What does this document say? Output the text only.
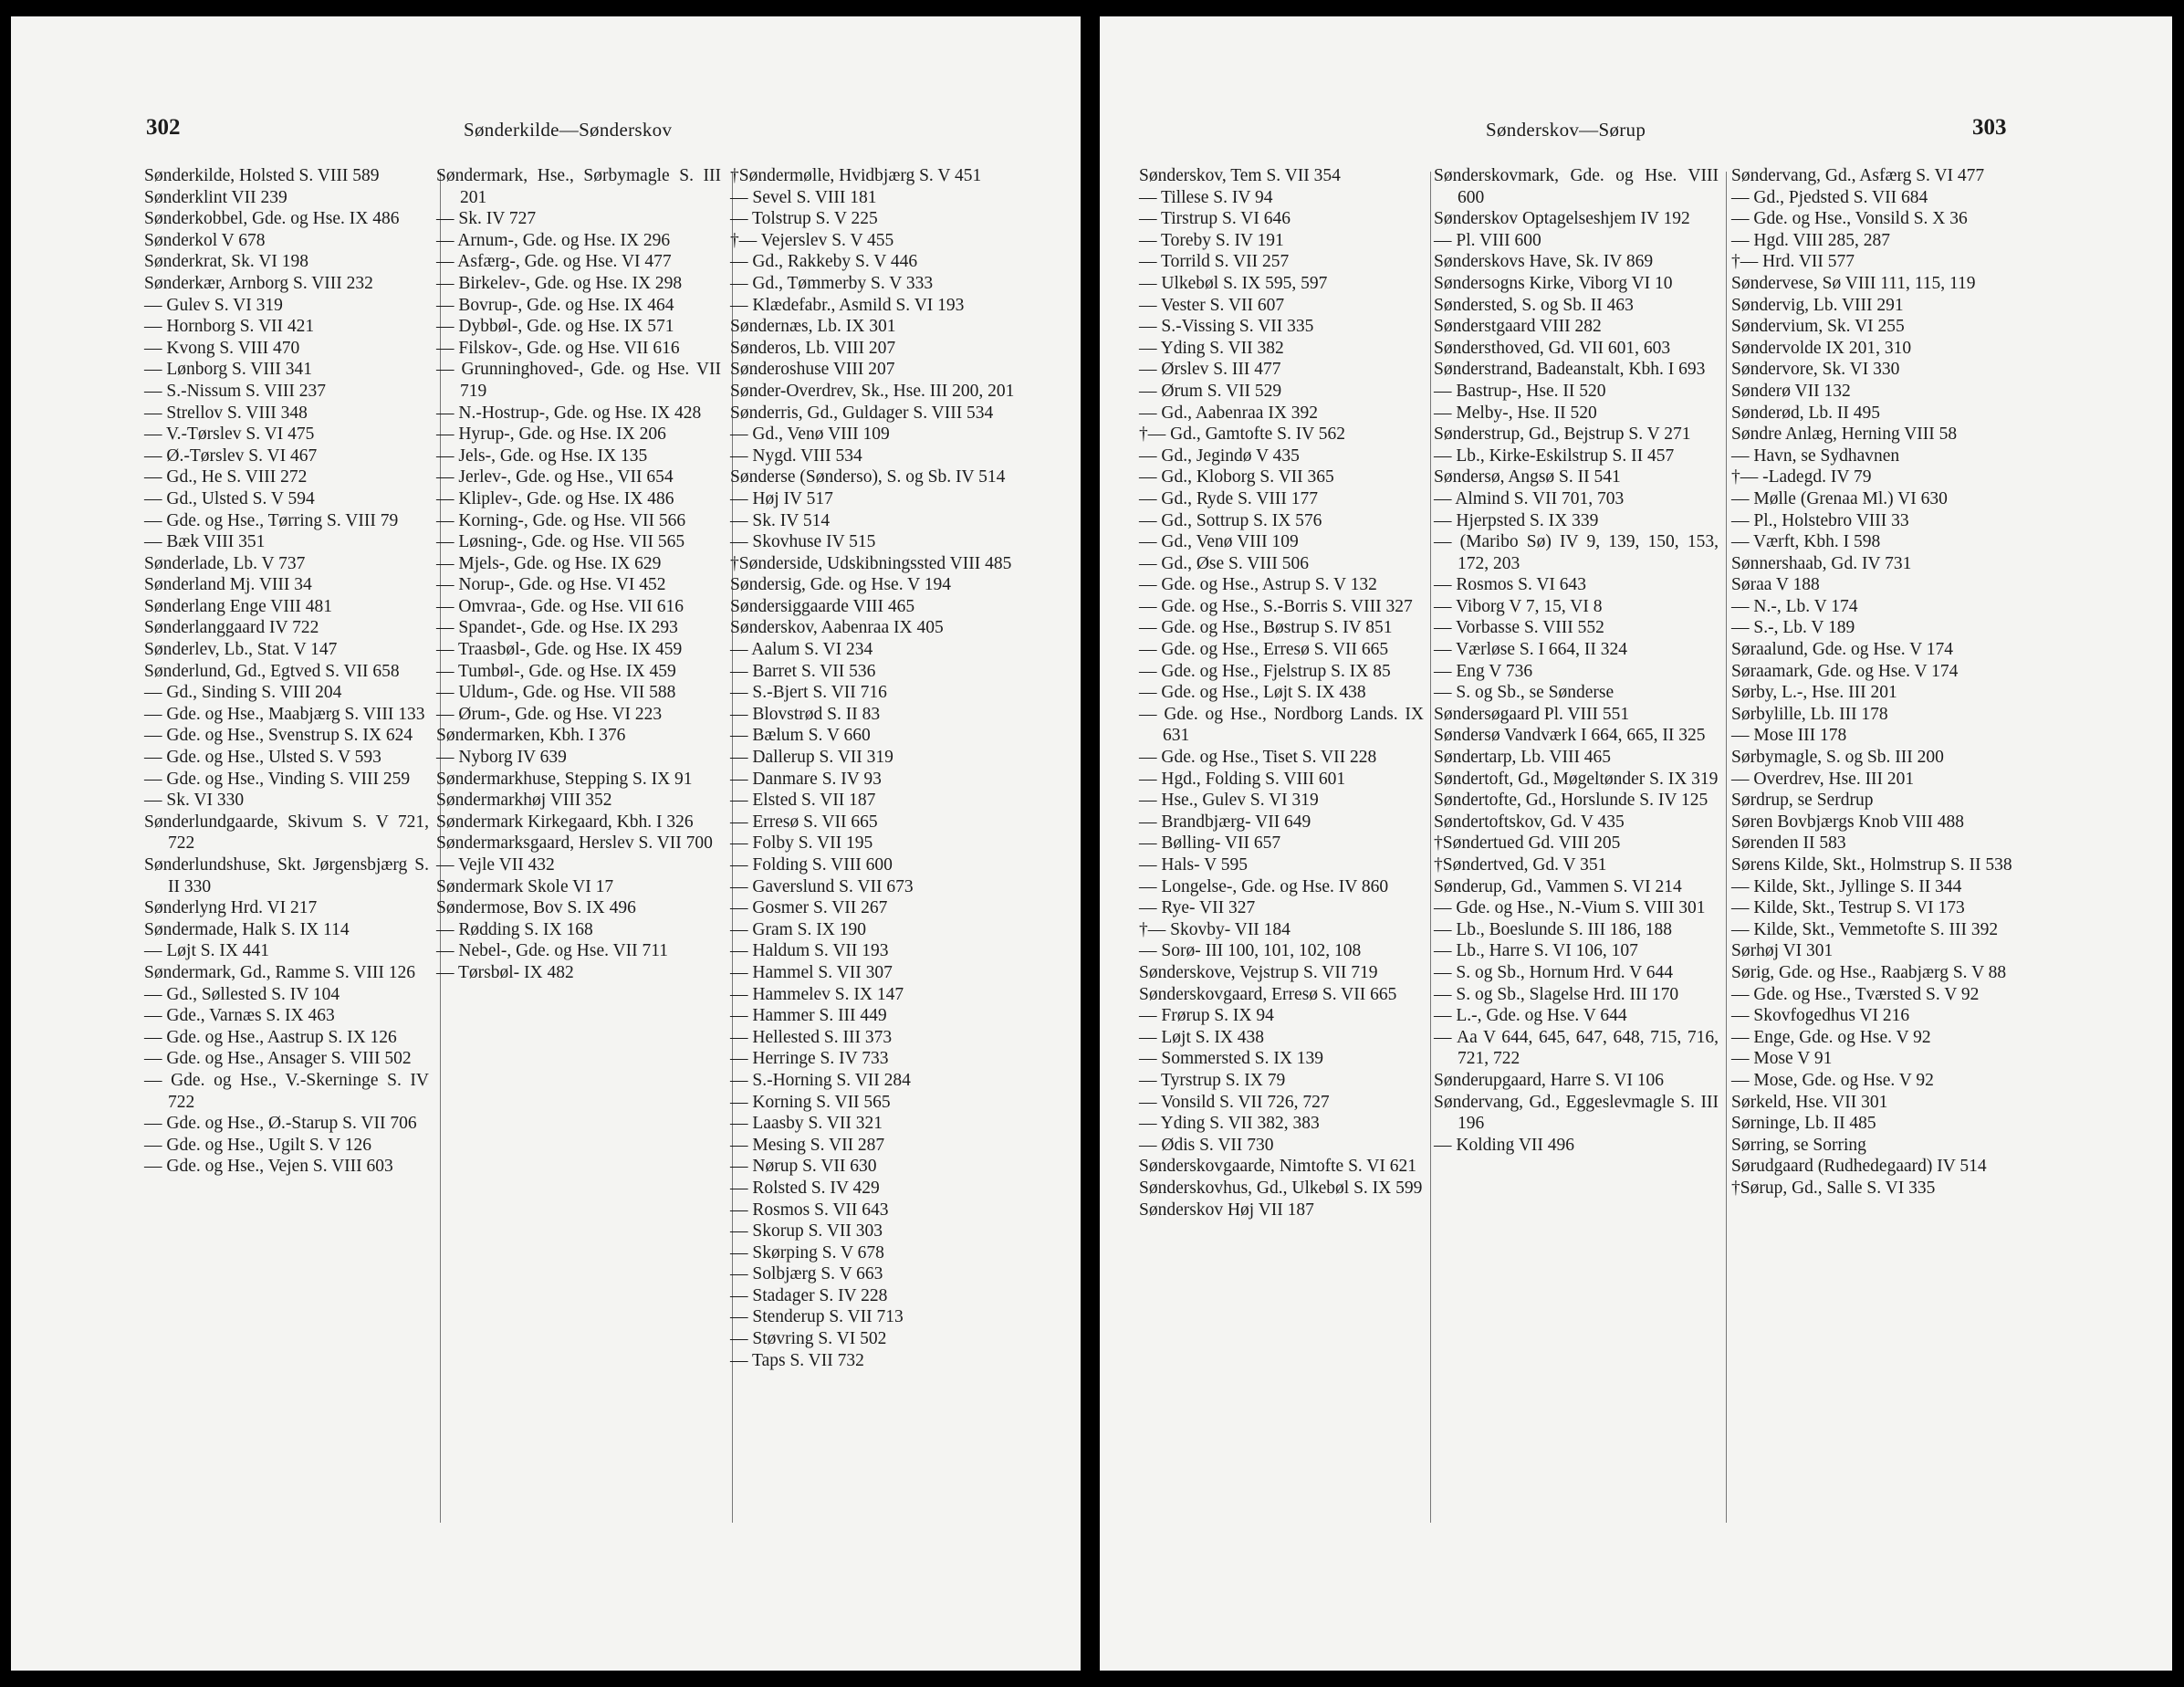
302	Sønderkilde—Sønderskov
Sønderkilde, Holsted S. VIII 589
Sønderklint VII 239
Sønderkobbel, Gde. og Hse. IX 486
Sønderkol V 678
Sønderkrat, Sk. VI 198
Sønderkær, Arnborg S. VIII 232
— Gulev S. VI 319
— Hornborg S. VII 421
— Kvong S. VIII 470
— Lønborg S. VIII 341
— S.-Nissum S. VIII 237
— Strellov S. VIII 348
— V.-Tørslev S. VI 475
— Ø.-Tørslev S. VI 467
— Gd., He S. VIII 272
— Gd., Ulsted S. V 594
— Gde. og Hse., Tørring S. VIII 79
— Bæk VIII 351
Sønderlade, Lb. V 737
Sønderland Mj. VIII 34
Sønderlang Enge VIII 481
Sønderlanggaard IV 722
Sønderlev, Lb., Stat. V 147
Sønderlund, Gd., Egtved S. VII 658
— Gd., Sinding S. VIII 204
— Gde. og Hse., Maabjærg S. VIII 133
— Gde. og Hse., Svenstrup S. IX 624
— Gde. og Hse., Ulsted S. V 593
— Gde. og Hse., Vinding S. VIII 259
— Sk. VI 330
Sønderlundgaarde, Skivum S. V 721, 722
Sønderlundshuse, Skt. Jørgensbjærg S. II 330
Sønderlyng Hrd. VI 217
Søndermade, Halk S. IX 114
— Løjt S. IX 441
Søndermark, Gd., Ramme S. VIII 126
— Gd., Søllested S. IV 104
— Gde., Varnæs S. IX 463
— Gde. og Hse., Aastrup S. IX 126
— Gde. og Hse., Ansager S. VIII 502
— Gde. og Hse., V.-Skerninge S. IV 722
— Gde. og Hse., Ø.-Starup S. VII 706
— Gde. og Hse., Ugilt S. V 126
— Gde. og Hse., Vejen S. VIII 603
Søndermark, Hse., Sørbymagle S. III 201
— Sk. IV 727
— Arnum-, Gde. og Hse. IX 296
— Asfærg-, Gde. og Hse. VI 477
— Birkelev-, Gde. og Hse. IX 298
— Bovrup-, Gde. og Hse. IX 464
— Dybbøl-, Gde. og Hse. IX 571
— Filskov-, Gde. og Hse. VII 616
— Grunninghoved-, Gde. og Hse. VII 719
— N.-Hostrup-, Gde. og Hse. IX 428
— Hyrup-, Gde. og Hse. IX 206
— Jels-, Gde. og Hse. IX 135
— Jerlev-, Gde. og Hse., VII 654
— Kliplev-, Gde. og Hse. IX 486
— Korning-, Gde. og Hse. VII 566
— Løsning-, Gde. og Hse. VII 565
— Mjels-, Gde. og Hse. IX 629
— Norup-, Gde. og Hse. VI 452
— Omvraa-, Gde. og Hse. VII 616
— Spandet-, Gde. og Hse. IX 293
— Traasbøl-, Gde. og Hse. IX 459
— Tumbøl-, Gde. og Hse. IX 459
— Uldum-, Gde. og Hse. VII 588
— Ørum-, Gde. og Hse. VI 223
Søndermarken, Kbh. I 376
— Nyborg IV 639
Søndermarkhuse, Stepping S. IX 91
Søndermarkhøj VIII 352
Søndermark Kirkegaard, Kbh. I 326
Søndermarksgaard, Herslev S. VII 700
— Vejle VII 432
Søndermark Skole VI 17
Søndermose, Bov S. IX 496
— Rødding S. IX 168
— Nebel-, Gde. og Hse. VII 711
— Tørsbøl- IX 482
†Søndermølle, Hvidbjærg S. V 451
— Sevel S. VIII 181
— Tolstrup S. V 225
†— Vejerslev S. V 455
— Gd., Rakkeby S. V 446
— Gd., Tømmerby S. V 333
— Klædefabr., Asmild S. VI 193
Søndernæs, Lb. IX 301
Sønderos, Lb. VIII 207
Sønderoshuse VIII 207
Sønder-Overdrev, Sk., Hse. III 200, 201
Sønderris, Gd., Guldager S. VIII 534
— Gd., Venø VIII 109
— Nygd. VIII 534
Sønderse (Sønderso), S. og Sb. IV 514
— Høj IV 517
— Sk. IV 514
— Skovhuse IV 515
†Sønderside, Udskibningssted VIII 485
Søndersig, Gde. og Hse. V 194
Søndersiggaarde VIII 465
Sønderskov, Aabenraa IX 405
— Aalum S. VI 234
— Barret S. VII 536
— S.-Bjert S. VII 716
— Blovstrød S. II 83
— Bælum S. V 660
— Dallerup S. VII 319
— Danmare S. IV 93
— Elsted S. VII 187
— Erresø S. VII 665
— Folby S. VII 195
— Folding S. VIII 600
— Gaverslund S. VII 673
— Gosmer S. VII 267
— Gram S. IX 190
— Haldum S. VII 193
— Hammel S. VII 307
— Hammelev S. IX 147
— Hammer S. III 449
— Hellested S. III 373
— Herringe S. IV 733
— S.-Horning S. VII 284
— Korning S. VII 565
— Laasby S. VII 321
— Mesing S. VII 287
— Nørup S. VII 630
— Rolsted S. IV 429
— Rosmos S. VII 643
— Skorup S. VII 303
— Skørping S. V 678
— Solbjærg S. V 663
— Stadager S. IV 228
— Stenderup S. VII 713
— Støvring S. VI 502
— Taps S. VII 732
Sønderskov—Sørup	303
Sønderskov, Tem S. VII 354
— Tillese S. IV 94
— Tirstrup S. VI 646
— Toreby S. IV 191
— Torrild S. VII 257
— Ulkebøl S. IX 595, 597
— Vester S. VII 607
— S.-Vissing S. VII 335
— Yding S. VII 382
— Ørslev S. III 477
— Ørum S. VII 529
— Gd., Aabenraa IX 392
†— Gd., Gamtofte S. IV 562
— Gd., Jegindø V 435
— Gd., Kloborg S. VII 365
— Gd., Ryde S. VIII 177
— Gd., Sottrup S. IX 576
— Gd., Venø VIII 109
— Gd., Øse S. VIII 506
— Gde. og Hse., Astrup S. V 132
— Gde. og Hse., S.-Borris S. VIII 327
— Gde. og Hse., Bøstrup S. IV 851
— Gde. og Hse., Erresø S. VII 665
— Gde. og Hse., Fjelstrup S. IX 85
— Gde. og Hse., Løjt S. IX 438
— Gde. og Hse., Nordborg Lands. IX 631
— Gde. og Hse., Tiset S. VII 228
— Hgd., Folding S. VIII 601
— Hse., Gulev S. VI 319
— Brandbjærg- VII 649
— Bølling- VII 657
— Hals- V 595
— Longelse-, Gde. og Hse. IV 860
— Rye- VII 327
†— Skovby- VII 184
— Sorø- III 100, 101, 102, 108
Sønderskove, Vejstrup S. VII 719
Sønderskovgaard, Erresø S. VII 665
— Frørup S. IX 94
— Løjt S. IX 438
— Sommersted S. IX 139
— Tyrstrup S. IX 79
— Vonsild S. VII 726, 727
— Yding S. VII 382, 383
— Ødis S. VII 730
Sønderskovgaarde, Nimtofte S. VI 621
Sønderskovhus, Gd., Ulkebøl S. IX 599
Sønderskov Høj VII 187
Sønderskovmark, Gde. og Hse. VIII 600
Sønderskov Optagelseshjem IV 192
— Pl. VIII 600
Sønderskovs Have, Sk. IV 869
Søndersogns Kirke, Viborg VI 10
Søndersted, S. og Sb. II 463
Sønderstgaard VIII 282
Søndersthoved, Gd. VII 601, 603
Sønderstrand, Badeanstalt, Kbh. I 693
— Bastrup-, Hse. II 520
— Melby-, Hse. II 520
Sønderstrup, Gd., Bejstrup S. V 271
— Lb., Kirke-Eskilstrup S. II 457
Søndersø, Angsø S. II 541
— Almind S. VII 701, 703
— Hjerpsted S. IX 339
— (Maribo Sø) IV 9, 139, 150, 153, 172, 203
— Rosmos S. VI 643
— Viborg V 7, 15, VI 8
— Vorbasse S. VIII 552
— Værløse S. I 664, II 324
— Eng V 736
— S. og Sb., se Sønderse
Søndersøgaard Pl. VIII 551
Søndersø Vandværk I 664, 665, II 325
Søndertarp, Lb. VIII 465
Søndertoft, Gd., Møgeltønder S. IX 319
Søndertofte, Gd., Horslunde S. IV 125
Søndertoftskov, Gd. V 435
†Søndertued Gd. VIII 205
†Søndertved, Gd. V 351
Sønderup, Gd., Vammen S. VI 214
— Gde. og Hse., N.-Vium S. VIII 301
— Lb., Boeslunde S. III 186, 188
— Lb., Harre S. VI 106, 107
— S. og Sb., Hornum Hrd. V 644
— S. og Sb., Slagelse Hrd. III 170
— L.-, Gde. og Hse. V 644
— Aa V 644, 645, 647, 648, 715, 716, 721, 722
Sønderupgaard, Harre S. VI 106
Søndervang, Gd., Eggeslevmagle S. III 196
— Kolding VII 496
Søndervang, Gd., Asfærg S. VI 477
— Gd., Pjedsted S. VII 684
— Gde. og Hse., Vonsild S. X 36
— Hgd. VIII 285, 287
†— Hrd. VII 577
Søndervese, Sø VIII 111, 115, 119
Søndervig, Lb. VIII 291
Søndervium, Sk. VI 255
Søndervolde IX 201, 310
Søndervore, Sk. VI 330
Sønderø VII 132
Sønderød, Lb. II 495
Søndre Anlæg, Herning VIII 58
— Havn, se Sydhavnen
†— -Ladegd. IV 79
— Mølle (Grenaa Ml.) VI 630
— Pl., Holstebro VIII 33
— Værft, Kbh. I 598
Sønnershaab, Gd. IV 731
Søraa V 188
— N.-, Lb. V 174
— S.-, Lb. V 189
Søraalund, Gde. og Hse. V 174
Søraamark, Gde. og Hse. V 174
Sørby, L.-, Hse. III 201
Sørbylille, Lb. III 178
— Mose III 178
Sørbymagle, S. og Sb. III 200
— Overdrev, Hse. III 201
Sørdrup, se Serdrup
Søren Bovbjærgs Knob VIII 488
Sørenden II 583
Sørens Kilde, Skt., Holmstrup S. II 538
— Kilde, Skt., Jyllinge S. II 344
— Kilde, Skt., Testrup S. VI 173
— Kilde, Skt., Vemmetofte S. III 392
Sørhøj VI 301
Sørig, Gde. og Hse., Raabjærg S. V 88
— Gde. og Hse., Tværsted S. V 92
— Skovfogedhus VI 216
— Enge, Gde. og Hse. V 92
— Mose V 91
— Mose, Gde. og Hse. V 92
Sørkeld, Hse. VII 301
Sørninge, Lb. II 485
Sørring, se Sorring
Sørudgaard (Rudhedegaard) IV 514
†Sørup, Gd., Salle S. VI 335
